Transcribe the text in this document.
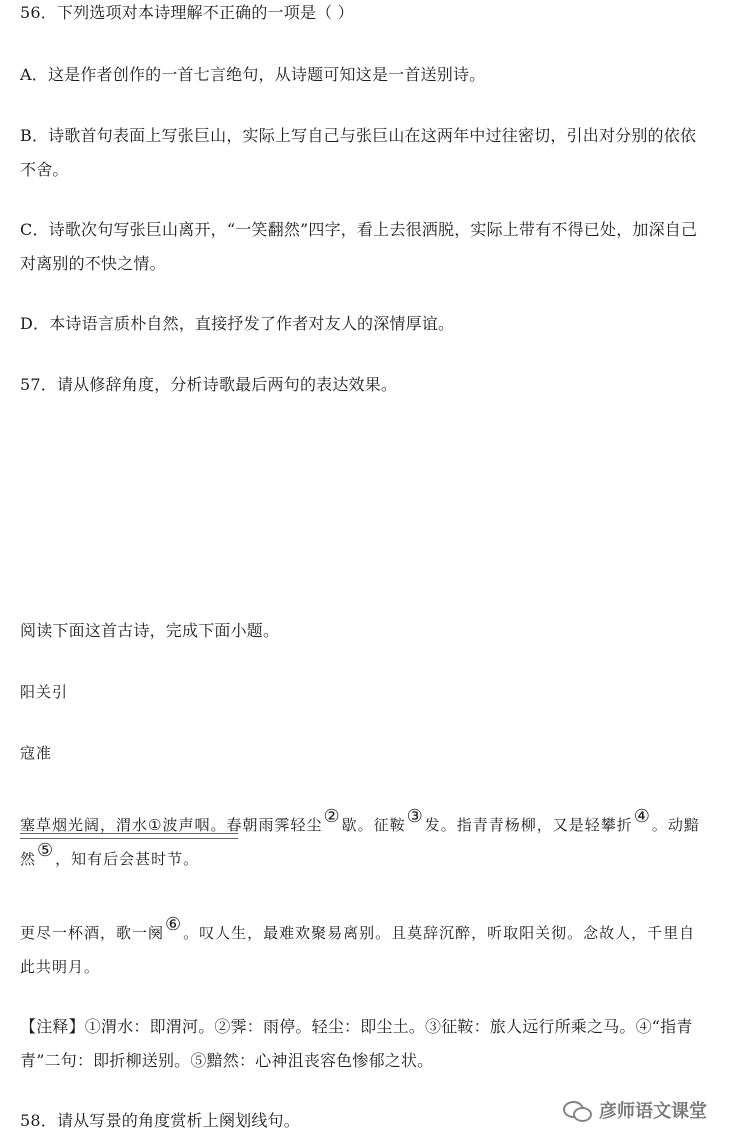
56．下列选项对本诗理解不正确的一项是（ ）

A．这是作者创作的一首七言绝句，从诗题可知这是一首送别诗。

B．诗歌首句表面上写张巨山，实际上写自己与张巨山在这两年中过往密切，引出对分别的依依不舍。

C．诗歌次句写张巨山离开，“一笑翻然”四字，看上去很洒脱，实际上带有不得已处，加深自己对离别的不快之情。

D．本诗语言质朴自然，直接抒发了作者对友人的深情厚谊。

57．请从修辞角度，分析诗歌最后两句的表达效果。

阅读下面这首古诗，完成下面小题。

阳关引

寇准

塞草烟光阔，渭水①波声咽。春朝雨霁轻尘②歇。征鞍③发。指青青杨柳，又是轻攀折④。动黯然⑤，知有后会甚时节。

更尽一杯酒，歌一阕⑥。叹人生，最难欢聚易离别。且莫辞沉醉，听取阳关彻。念故人，千里自此共明月。

【注释】①渭水：即渭河。②霁：雨停。轻尘：即尘土。③征鞍：旅人远行所乘之马。④“指青青”二句：即折柳送别。⑤黯然：心神沮丧容色惨郁之状。

58．请从写景的角度赏析上阕划线句。	彦师语文课堂
